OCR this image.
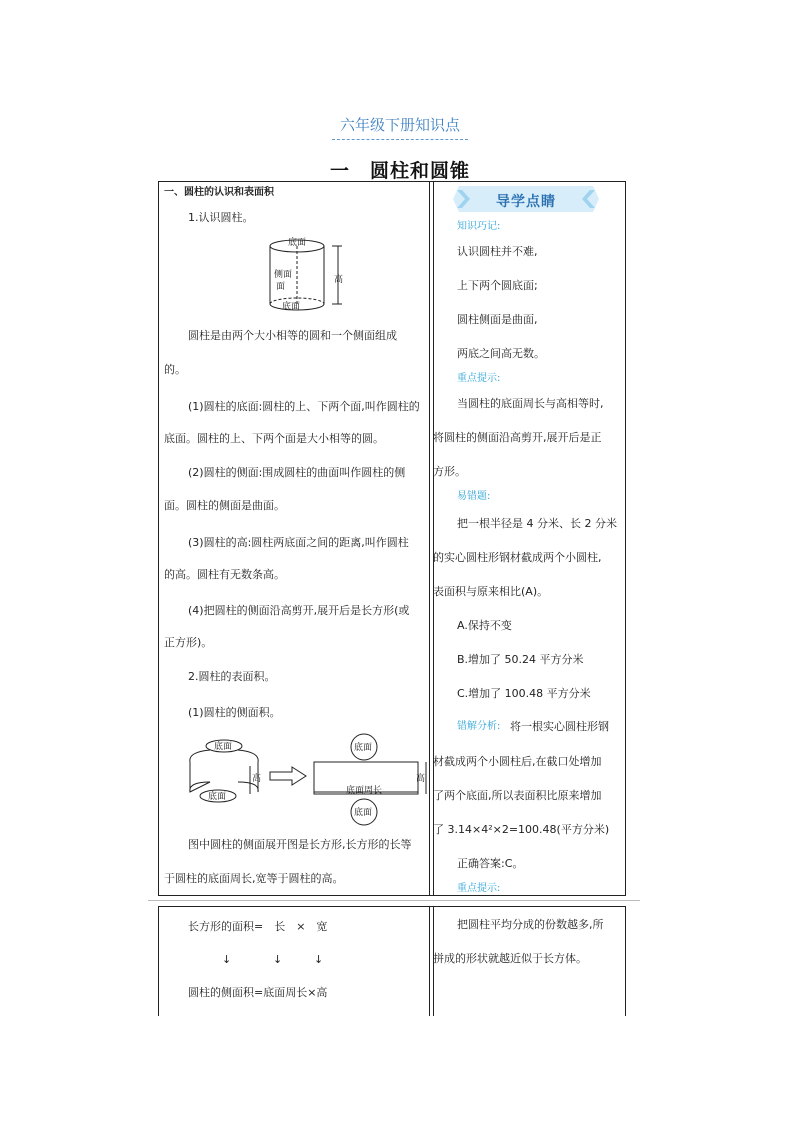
六年级下册知识点
一　圆柱和圆锥
一、圆柱的认识和表面积
1.认识圆柱。
底面
侧面
面
高
底面
圆柱是由两个大小相等的圆和一个侧面组成
的。
(1)圆柱的底面:圆柱的上、下两个面,叫作圆柱的
底面。圆柱的上、下两个面是大小相等的圆。
(2)圆柱的侧面:围成圆柱的曲面叫作圆柱的侧
面。圆柱的侧面是曲面。
(3)圆柱的高:圆柱两底面之间的距离,叫作圆柱
的高。圆柱有无数条高。
(4)把圆柱的侧面沿高剪开,展开后是长方形(或
正方形)。
2.圆柱的表面积。
(1)圆柱的侧面积。
底面
底面
高
底面
底面
底面周长
高
图中圆柱的侧面展开图是长方形,长方形的长等
于圆柱的底面周长,宽等于圆柱的高。
长方形的面积=　长　×　宽
↓	↓	↓
圆柱的侧面积=底面周长×高
导学点睛
知识巧记:
认识圆柱并不难,
上下两个圆底面;
圆柱侧面是曲面,
两底之间高无数。
重点提示:
当圆柱的底面周长与高相等时,
将圆柱的侧面沿高剪开,展开后是正
方形。
易错题:
把一根半径是 4 分米、长 2 分米
的实心圆柱形钢材截成两个小圆柱,
表面积与原来相比(A)。
A.保持不变
B.增加了 50.24 平方分米
C.增加了 100.48 平方分米
错解分析: 将一根实心圆柱形钢
材截成两个小圆柱后,在截口处增加
了两个底面,所以表面积比原来增加
了 3.14×4²×2=100.48(平方分米)
正确答案:C。
重点提示:
把圆柱平均分成的份数越多,所
拼成的形状就越近似于长方体。
